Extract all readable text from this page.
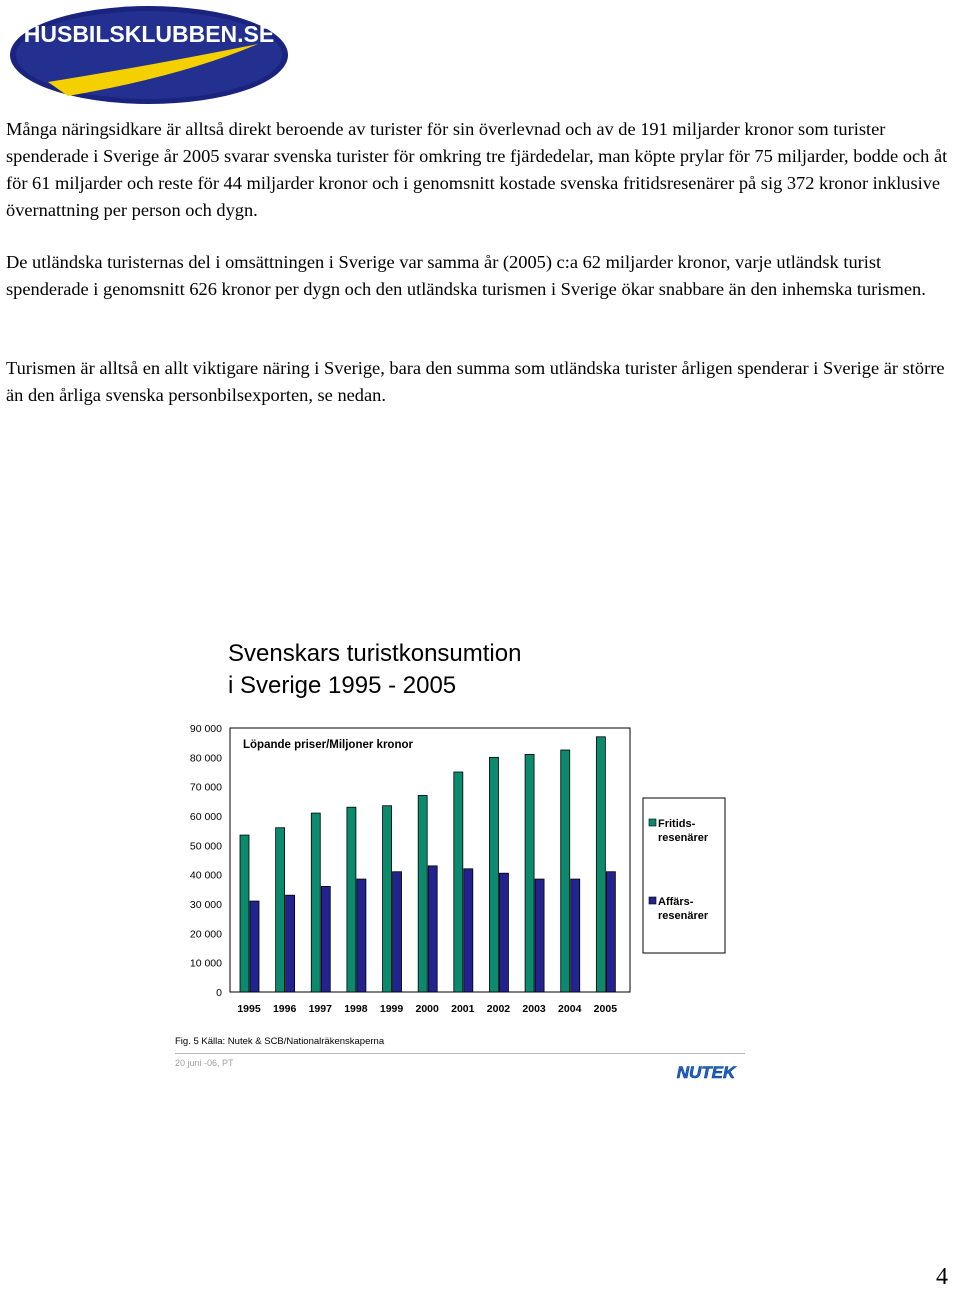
HUSBILSKLUBBEN.SE

Många näringsidkare är alltså direkt beroende av turister för sin överlevnad och av de 191 miljarder kronor som turister spenderade i Sverige år 2005 svarar svenska turister för omkring tre fjärdedelar, man köpte prylar för 75 miljarder, bodde och åt för 61 miljarder och reste för 44 miljarder kronor och i genomsnitt kostade svenska fritidsresenärer på sig 372 kronor inklusive övernattning per person och dygn.

De utländska turisternas del i omsättningen i Sverige var samma år (2005) c:a 62 miljarder kronor, varje utländsk turist spenderade i genomsnitt 626 kronor per dygn och den utländska turismen i Sverige ökar snabbare än den inhemska turismen.

Turismen är alltså en allt viktigare näring i Sverige, bara den summa som utländska turister årligen spenderar i Sverige är större än den årliga svenska personbilsexporten, se nedan.

Svenskars turistkonsumtion
i Sverige 1995 - 2005
90 000
80 000
70 000
60 000
50 000
40 000
30 000
20 000
10 000
0
Löpande priser/Miljoner kronor
1995 1996 1997 1998 1999 2000 2001 2002 2003 2004 2005
Fritids-
resenärer
Affärs-
resenärer
Fig. 5 Källa: Nutek & SCB/Nationalräkenskaperna
20 juni -06, PT	NUTEK
4
